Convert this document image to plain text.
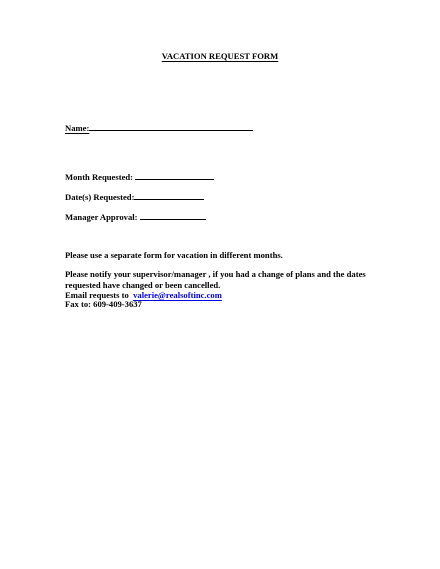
VACATION REQUEST FORM
Name:
Month Requested:
Date(s) Requested:
Manager Approval:
Please use a separate form for vacation in different months.
Please notify your supervisor/manager , if you had a change of plans and the dates
requested have changed or been cancelled.
Email requests to valerie@realsoftinc.com
Fax to: 609-409-3637
